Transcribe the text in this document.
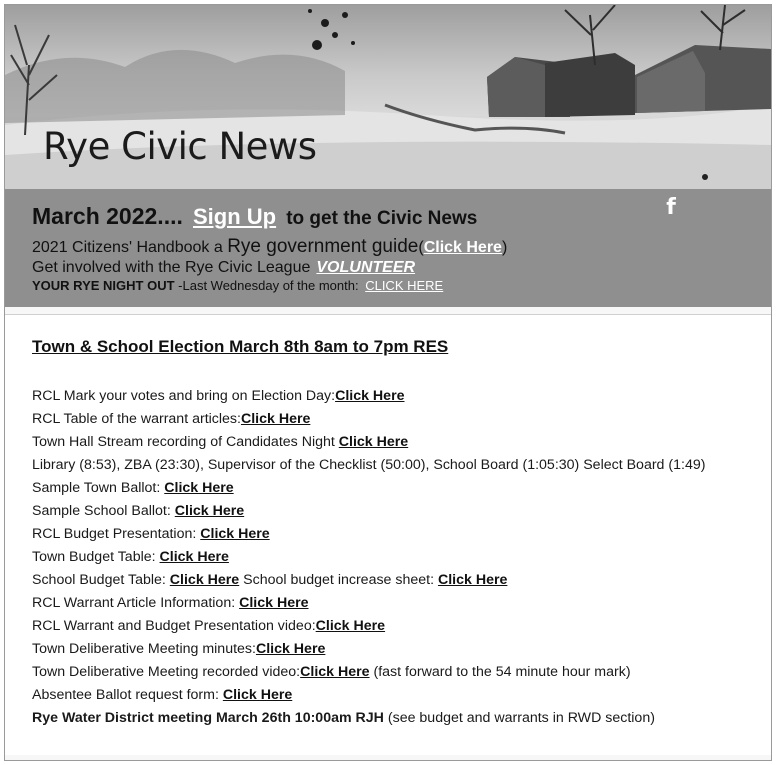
Rye Civic News
March 2022.... Sign Up to get the Civic News
2021 Citizens' Handbook a Rye government guide(Click Here)
Get involved with the Rye Civic League VOLUNTEER
YOUR RYE NIGHT OUT -Last Wednesday of the month: CLICK HERE
f
Town & School Election March 8th 8am to 7pm RES
RCL Mark your votes and bring on Election Day:Click Here
RCL Table of the warrant articles:Click Here
Town Hall Stream recording of Candidates Night Click Here
Library (8:53), ZBA (23:30), Supervisor of the Checklist (50:00), School Board (1:05:30) Select Board (1:49)
Sample Town Ballot: Click Here
Sample School Ballot: Click Here
RCL Budget Presentation: Click Here
Town Budget Table: Click Here
School Budget Table: Click Here School budget increase sheet: Click Here
RCL Warrant Article Information: Click Here
RCL Warrant and Budget Presentation video:Click Here
Town Deliberative Meeting minutes:Click Here
Town Deliberative Meeting recorded video:Click Here (fast forward to the 54 minute hour mark)
Absentee Ballot request form: Click Here
Rye Water District meeting March 26th 10:00am RJH (see budget and warrants in RWD section)
